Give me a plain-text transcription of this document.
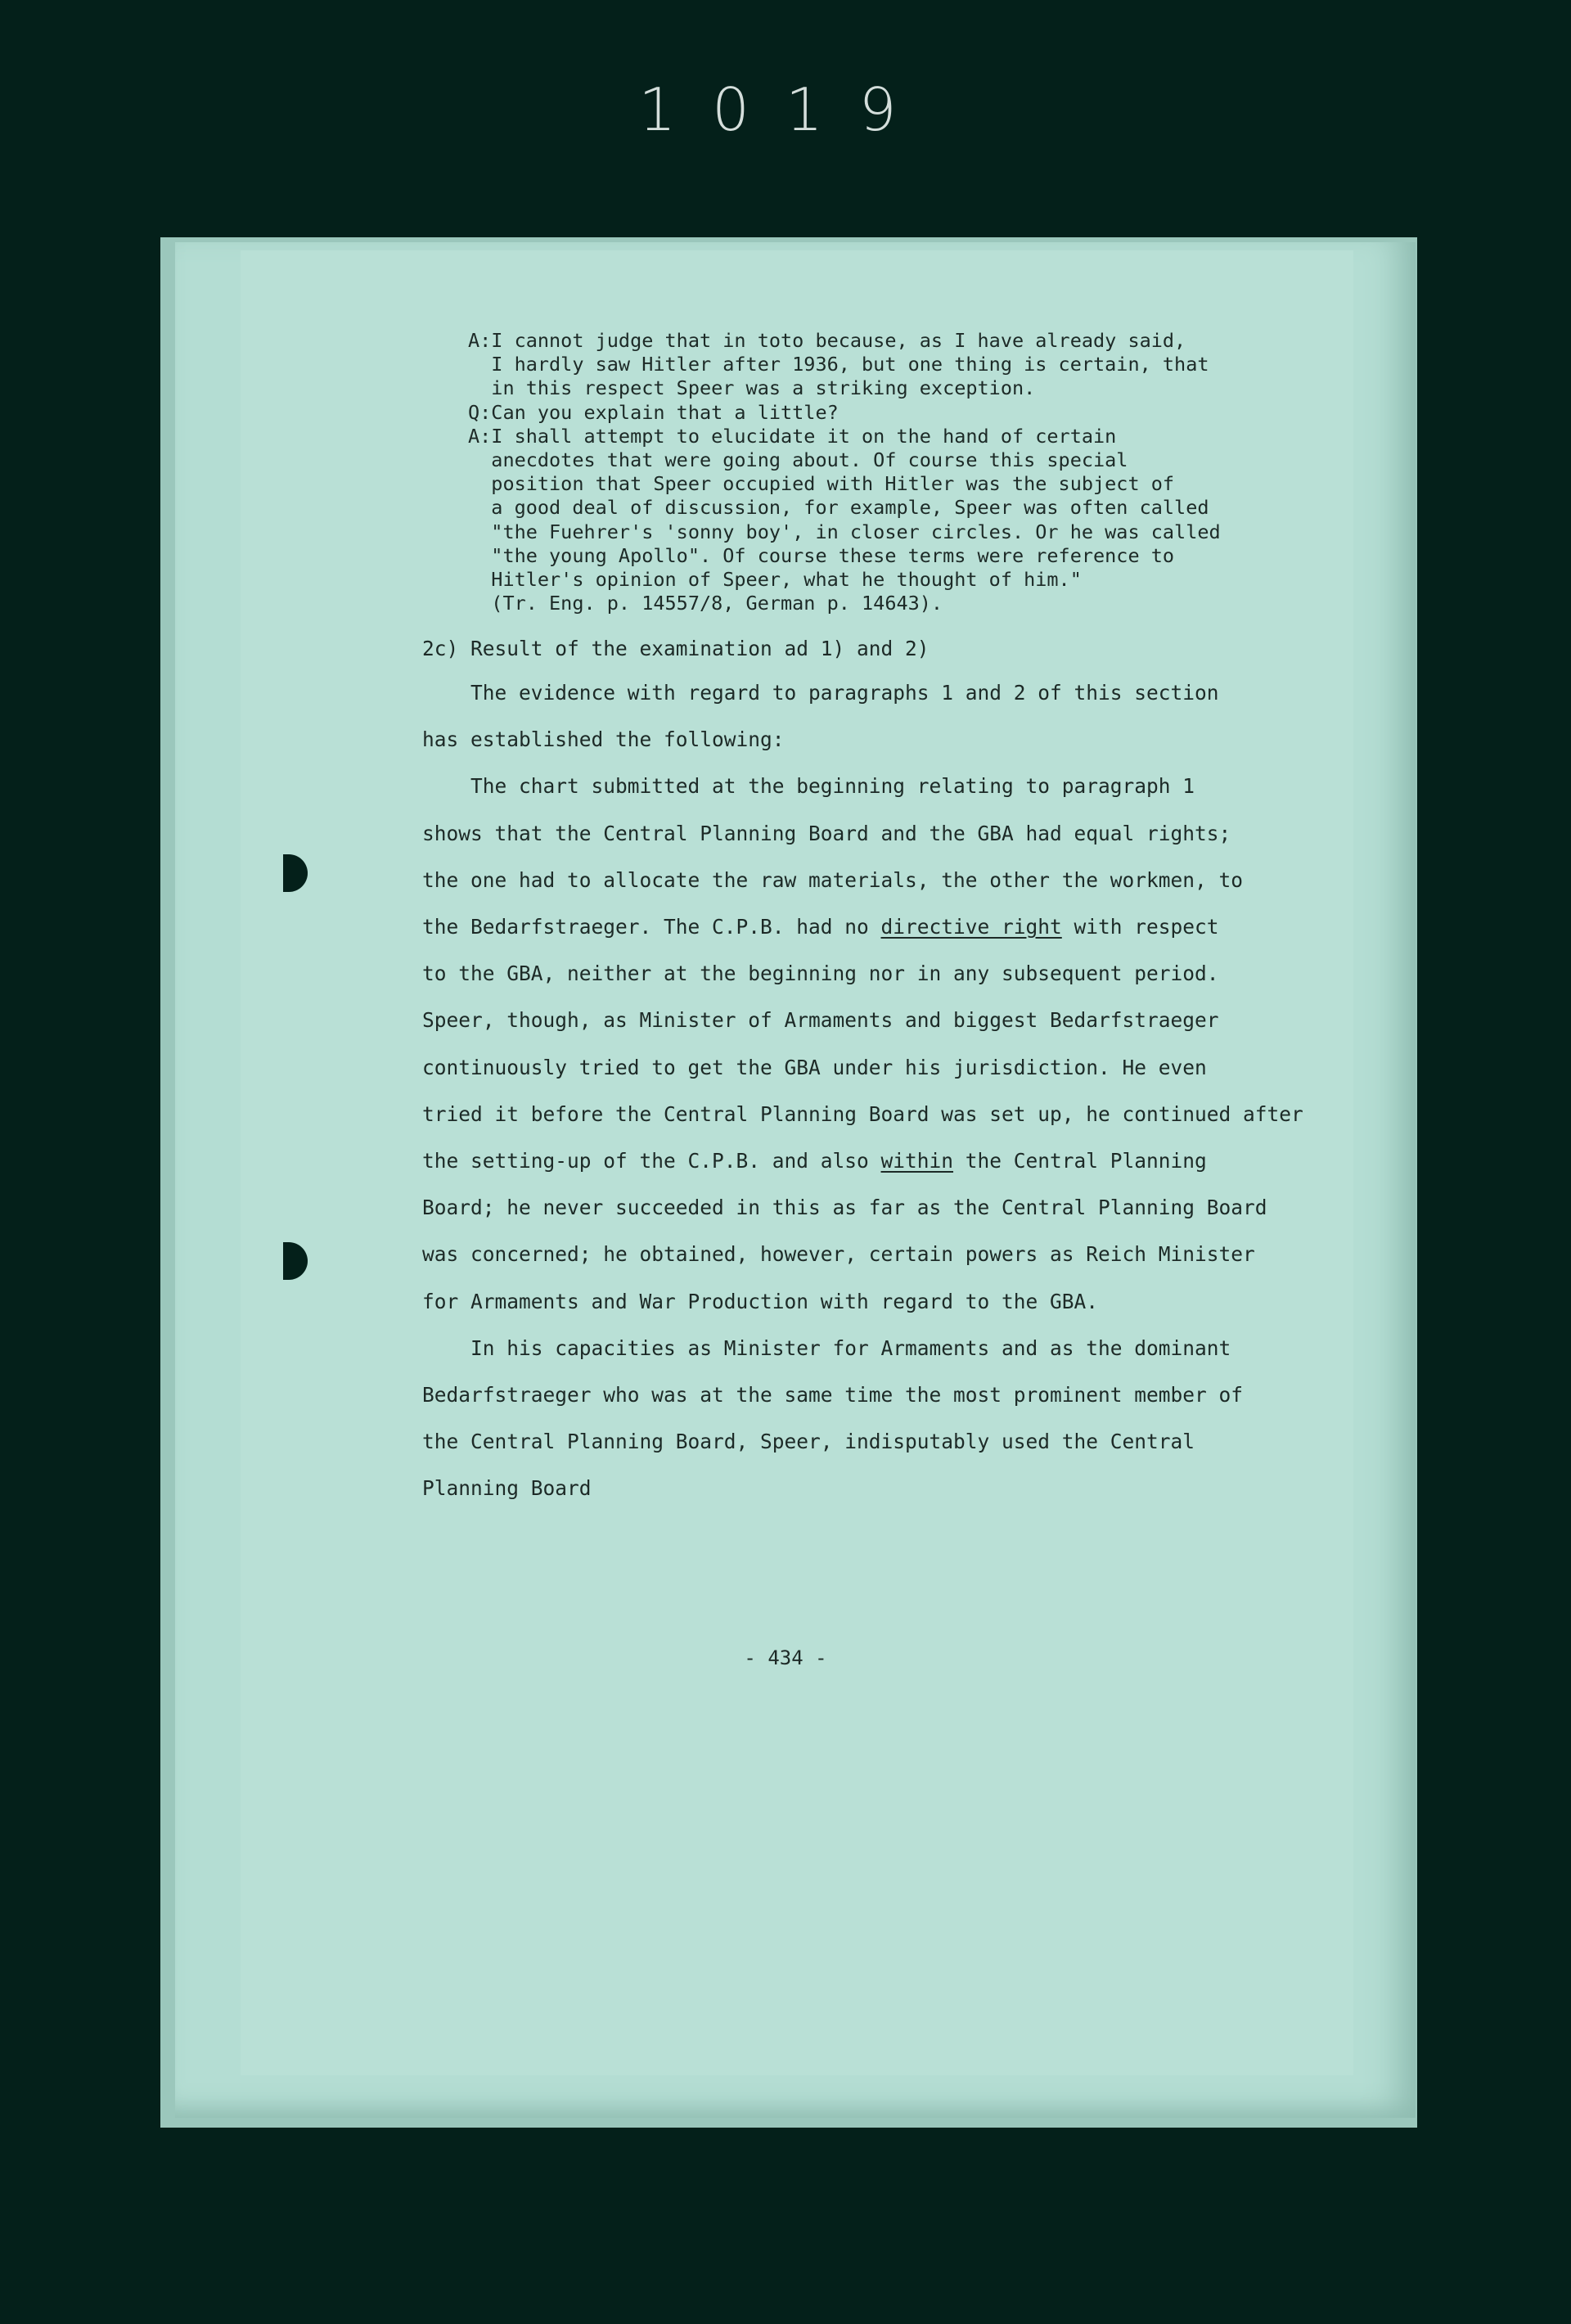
1019
A:I cannot judge that in toto because, as I have already said,
I hardly saw Hitler after 1936, but one thing is certain, that
in this respect Speer was a striking exception.
Q:Can you explain that a little?
A:I shall attempt to elucidate it on the hand of certain
anecdotes that were going about. Of course this special
position that Speer occupied with Hitler was the subject of
a good deal of discussion, for example, Speer was often called
"the Fuehrer's 'sonny boy', in closer circles. Or he was called
"the young Apollo". Of course these terms were reference to
Hitler's opinion of Speer, what he thought of him."
(Tr. Eng. p. 14557/8, German p. 14643).
2c) Result of the examination ad 1) and 2)
The evidence with regard to paragraphs 1 and 2 of this section
has established the following:
The chart submitted at the beginning relating to paragraph 1
shows that the Central Planning Board and the GBA had equal rights;
the one had to allocate the raw materials, the other the workmen, to
the Bedarfstraeger. The C.P.B. had no directive right with respect
to the GBA, neither at the beginning nor in any subsequent period.
Speer, though, as Minister of Armaments and biggest Bedarfstraeger
continuously tried to get the GBA under his jurisdiction. He even
tried it before the Central Planning Board was set up, he continued after
the setting-up of the C.P.B. and also within the Central Planning
Board; he never succeeded in this as far as the Central Planning Board
was concerned; he obtained, however, certain powers as Reich Minister
for Armaments and War Production with regard to the GBA.
In his capacities as Minister for Armaments and as the dominant
Bedarfstraeger who was at the same time the most prominent member of
the Central Planning Board, Speer, indisputably used the Central
Planning Board
- 434 -
